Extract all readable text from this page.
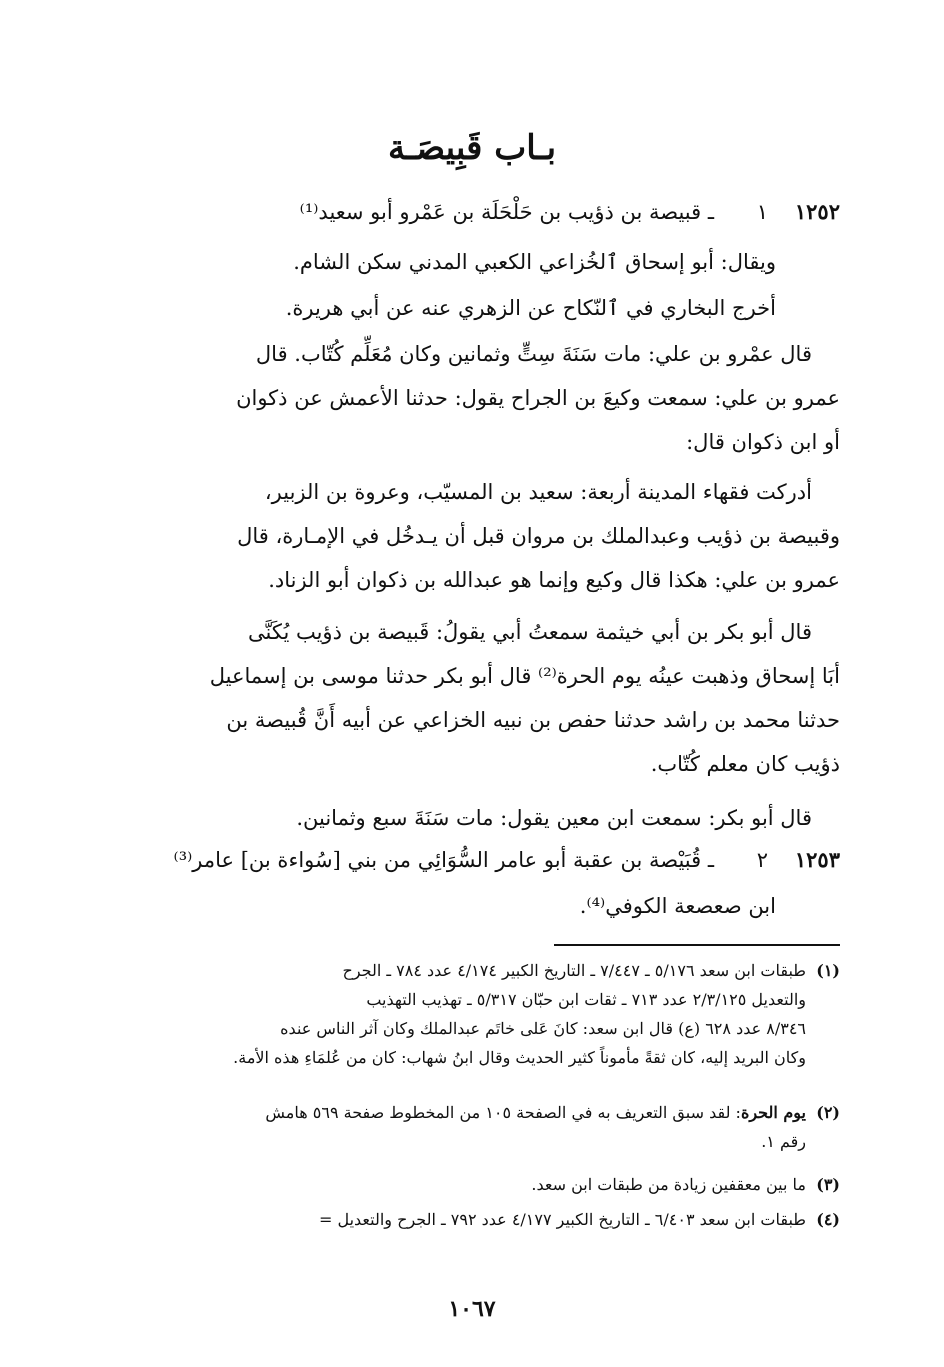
بـاب قَبِيصَـة
١٢٥٢١ـ قبيصة بن ذؤيب بن حَلْحَلَة بن عَمْرو أبو سعيد⁽¹⁾
ويقال: أبو إسحاق ٱلخُزاعي الكعبي المدني سكن الشام.
أخرج البخاري في ٱلنّكاح عن الزهري عنه عن أبي هريرة.
قال عمْرو بن علي: مات سَنَةَ سِتٍّ وثمانين وكان مُعَلِّم كُتّاب. قال
عمرو بن علي: سمعت وكيعَ بن الجراح يقول: حدثنا الأعمش عن ذكوان
أو ابن ذكوان قال:
أدركت فقهاء المدينة أربعة: سعيد بن المسيّب، وعروة بن الزبير،
وقبيصة بن ذؤيب وعبدالملك بن مروان قبل أن يـدخُل في الإمـارة، قال
عمرو بن علي: هكذا قال وكيع وإنما هو عبدالله بن ذكوان أبو الزناد.
قال أبو بكر بن أبي خيثمة سمعتُ أبي يقولُ: قَبيصة بن ذؤيب يُكَنَّى
أبَا إسحاق وذهبت عينُه يوم الحرة⁽²⁾ قال أبو بكر حدثنا موسى بن إسماعيل
حدثنا محمد بن راشد حدثنا حفص بن نبيه الخزاعي عن أبيه أَنَّ قُبيصة بن
ذؤيب كان معلم كُتّاب.
قال أبو بكر: سمعت ابن معين يقول: مات سَنَةَ سبع وثمانين.
١٢٥٣٢ـ قُبَيْصة بن عقبة أبو عامر السُّوَائِي من بني [سُواءة بن] عامر⁽³⁾
ابن صعصعة الكوفي⁽⁴⁾.
(١)طبقات ابن سعد ٥/١٧٦ ـ ٧/٤٤٧ ـ التاريخ الكبير ٤/١٧٤ عدد ٧٨٤ ـ الجرح
والتعديل ٢/٣/١٢٥ عدد ٧١٣ ـ ثقات ابن حبّان ٥/٣١٧ ـ تهذيب التهذيب
٨/٣٤٦ عدد ٦٢٨ (ع) قال ابن سعد: كانَ عَلى خاتَم عبدالملك وكان آثر الناس عنده
وكان البريد إليه، كان ثقةً مأموناً كثير الحديث وقال ابنُ شهاب: كان من عُلمَاءِ هذه الأمة.
(٢)يوم الحرة: لقد سبق التعريف به في الصفحة ١٠٥ من المخطوط صفحة ٥٦٩ هامش
رقم ١.
(٣)ما بين معقفين زيادة من طبقات ابن سعد.
(٤)طبقات ابن سعد ٦/٤٠٣ ـ التاريخ الكبير ٤/١٧٧ عدد ٧٩٢ ـ الجرح والتعديل =
١٠٦٧
